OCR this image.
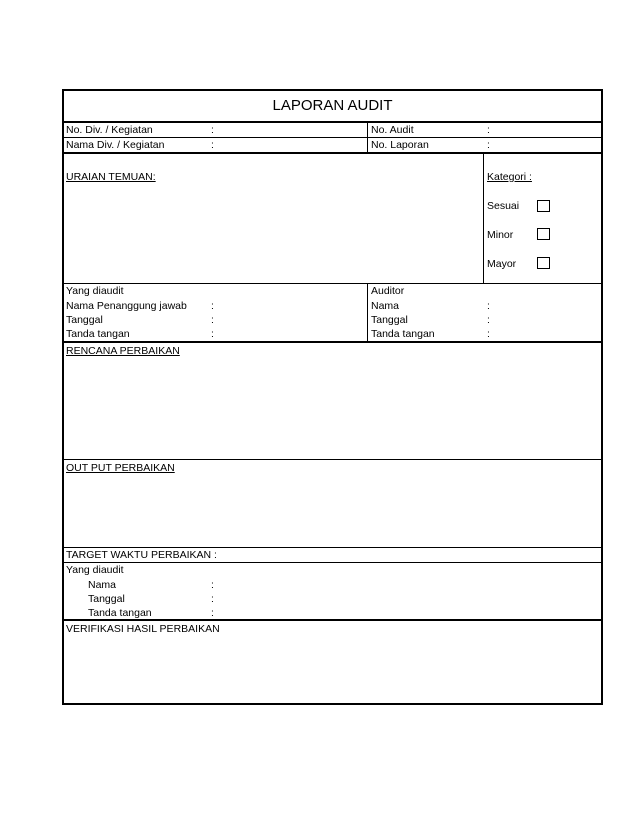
LAPORAN AUDIT
No. Div. / Kegiatan	:	No. Audit	:
Nama Div. / Kegiatan	:	No. Laporan	:
URAIAN TEMUAN:	Kategori :
Sesuai
Minor
Mayor
Yang diaudit
Nama Penanggung jawab :
Tanggal	:
Tanda tangan	:
Auditor
Nama	:
Tanggal	:
Tanda tangan	:
RENCANA PERBAIKAN
OUT PUT PERBAIKAN
TARGET WAKTU PERBAIKAN :
Yang diaudit
Nama	:
Tanggal	:
Tanda tangan	:
VERIFIKASI HASIL PERBAIKAN
